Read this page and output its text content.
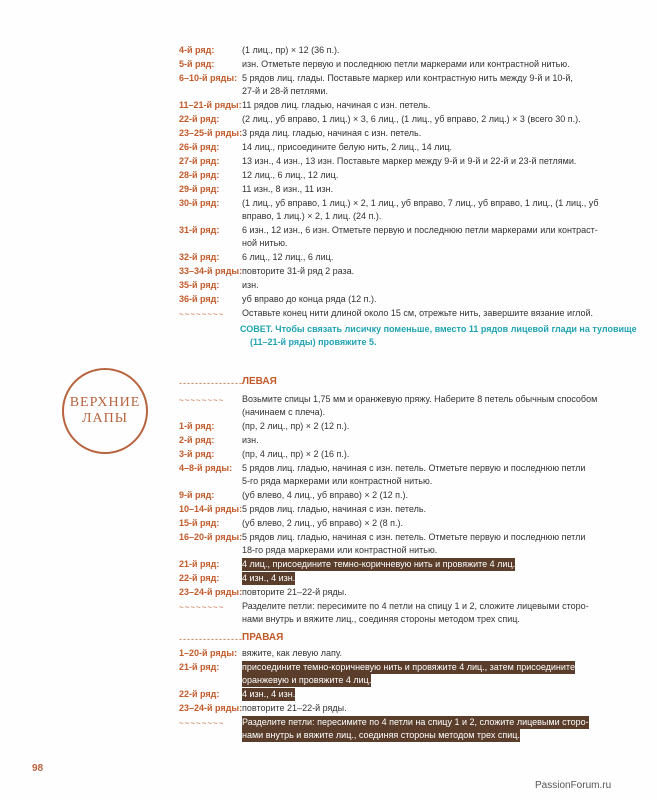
4-й ряд:	(1 лиц., пр) × 12 (36 п.).
5-й ряд:	изн. Отметьте первую и последнюю петли маркерами или контрастной нитью.
6–10-й ряды: 5 рядов лиц. глады. Поставьте маркер или контрастную нить между 9-й и 10-й,
27-й и 28-й петлями.
11–21-й ряды: 11 рядов лиц. гладью, начиная с изн. петель.
22-й ряд:	(2 лиц., уб вправо, 1 лиц.) × 3, 6 лиц., (1 лиц., уб вправо, 2 лиц.) × 3 (всего 30 п.).
23–25-й ряды: 3 ряда лиц. гладью, начиная с изн. петель.
26-й ряд:	14 лиц., присоедините белую нить, 2 лиц., 14 лиц.
27-й ряд:	13 изн., 4 изн., 13 изн. Поставьте маркер между 9-й и 9-й и 22-й и 23-й петлями.
28-й ряд:	12 лиц., 6 лиц., 12 лиц.
29-й ряд:	11 изн., 8 изн., 11 изн.
30-й ряд:	(1 лиц., уб вправо, 1 лиц.) × 2, 1 лиц., уб вправо, 7 лиц., уб вправо, 1 лиц., (1 лиц., уб
вправо, 1 лиц.) × 2, 1 лиц. (24 п.).
31-й ряд:	6 изн., 12 изн., 6 изн. Отметьте первую и последнюю петли маркерами или контраст-
ной нитью.
32-й ряд:	6 лиц., 12 лиц., 6 лиц.
33–34-й ряды: повторите 31-й ряд 2 раза.
35-й ряд:	изн.
36-й ряд:	уб вправо до конца ряда (12 п.).
~~~~~~~~ Оставьте конец нити длиной около 15 см, отрежьте нить, завершите вязание иглой.
СОВЕТ. Чтобы связать лисичку поменьше, вместо 11 рядов лицевой глади на туловище
(11–21-й ряды) провяжите 5.
ВЕРХНИЕ
ЛАПЫ
---------------- ЛЕВАЯ
~~~~~~~~ Возьмите спицы 1,75 мм и оранжевую пряжу. Наберите 8 петель обычным способом
(начинаем с плеча).
1-й ряд:	(пр, 2 лиц., пр) × 2 (12 п.).
2-й ряд:	изн.
3-й ряд:	(пр, 4 лиц., пр) × 2 (16 п.).
4–8-й ряды: 5 рядов лиц. гладью, начиная с изн. петель. Отметьте первую и последнюю петли
5-го ряда маркерами или контрастной нитью.
9-й ряд:	(уб влево, 4 лиц., уб вправо) × 2 (12 п.).
10–14-й ряды: 5 рядов лиц. гладью, начиная с изн. петель.
15-й ряд:	(уб влево, 2 лиц., уб вправо) × 2 (8 п.).
16–20-й ряды: 5 рядов лиц. гладью, начиная с изн. петель. Отметьте первую и последнюю петли
18-го ряда маркерами или контрастной нитью.
21-й ряд:	4 лиц., присоедините темно-коричневую нить и провяжите 4 лиц.
22-й ряд:	4 изн., 4 изн.
23–24-й ряды: повторите 21–22-й ряды.
~~~~~~~~ Разделите петли: пересимите по 4 петли на спицу 1 и 2, сложите лицевыми сторо-
нами внутрь и вяжите лиц., соединяя стороны методом трех спиц.
---------------- ПРАВАЯ
1–20-й ряды: вяжите, как левую лапу.
21-й ряд:	присоедините темно-коричневую нить и провяжите 4 лиц., затем присоединитеоранжевую и провяжите 4 лиц.
22-й ряд:	4 изн., 4 изн.
23–24-й ряды: повторите 21–22-й ряды.
~~~~~~~~ Разделите петли: пересимите по 4 петли на спицу 1 и 2, сложите лицевыми сторо-нами внутрь и вяжите лиц., соединяя стороны методом трех спиц.
98
PassionForum.ru
